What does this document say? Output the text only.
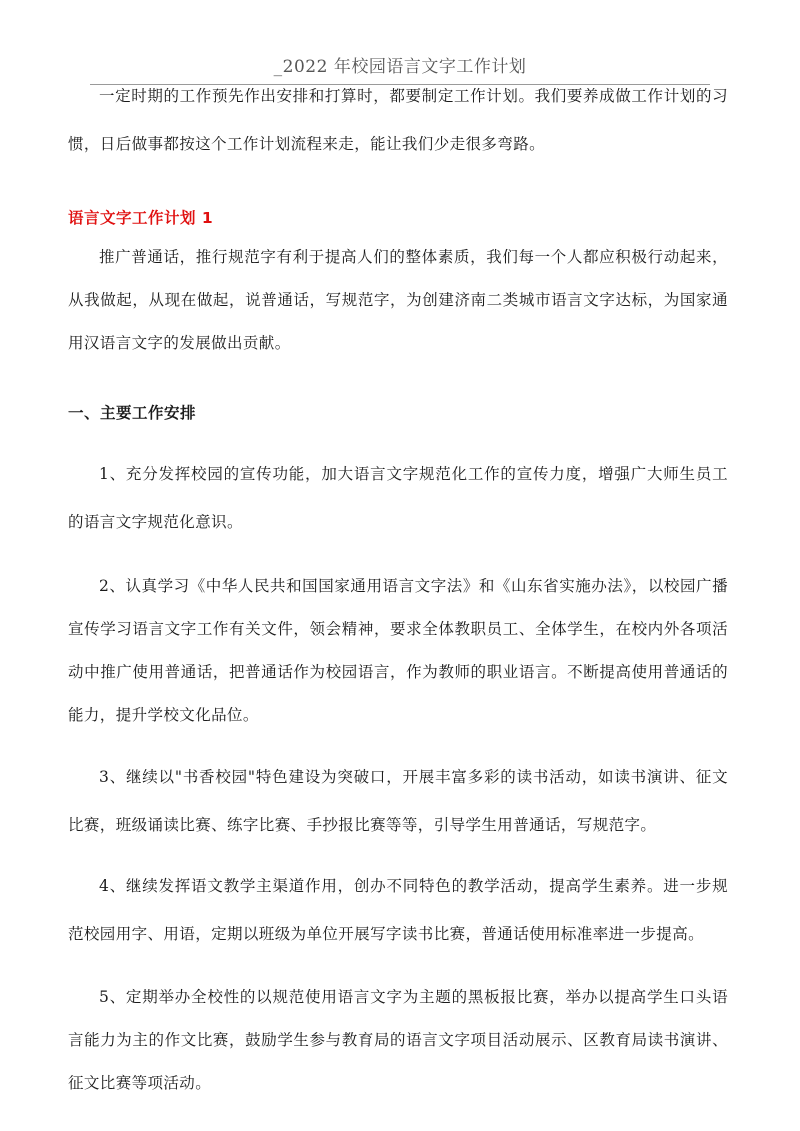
_2022 年校园语言文字工作计划

一定时期的工作预先作出安排和打算时，都要制定工作计划。我们要养成做工作计划的习惯，日后做事都按这个工作计划流程来走，能让我们少走很多弯路。

语言文字工作计划 1

推广普通话，推行规范字有利于提高人们的整体素质，我们每一个人都应积极行动起来，从我做起，从现在做起，说普通话，写规范字，为创建济南二类城市语言文字达标，为国家通用汉语言文字的发展做出贡献。

一、主要工作安排

1、充分发挥校园的宣传功能，加大语言文字规范化工作的宣传力度，增强广大师生员工的语言文字规范化意识。

2、认真学习《中华人民共和国国家通用语言文字法》和《山东省实施办法》，以校园广播宣传学习语言文字工作有关文件，领会精神，要求全体教职员工、全体学生，在校内外各项活动中推广使用普通话，把普通话作为校园语言，作为教师的职业语言。不断提高使用普通话的能力，提升学校文化品位。

3、继续以"书香校园"特色建设为突破口，开展丰富多彩的读书活动，如读书演讲、征文比赛，班级诵读比赛、练字比赛、手抄报比赛等等，引导学生用普通话，写规范字。

4、继续发挥语文教学主渠道作用，创办不同特色的教学活动，提高学生素养。进一步规范校园用字、用语，定期以班级为单位开展写字读书比赛，普通话使用标准率进一步提高。

5、定期举办全校性的以规范使用语言文字为主题的黑板报比赛，举办以提高学生口头语言能力为主的作文比赛，鼓励学生参与教育局的语言文字项目活动展示、区教育局读书演讲、征文比赛等项活动。
